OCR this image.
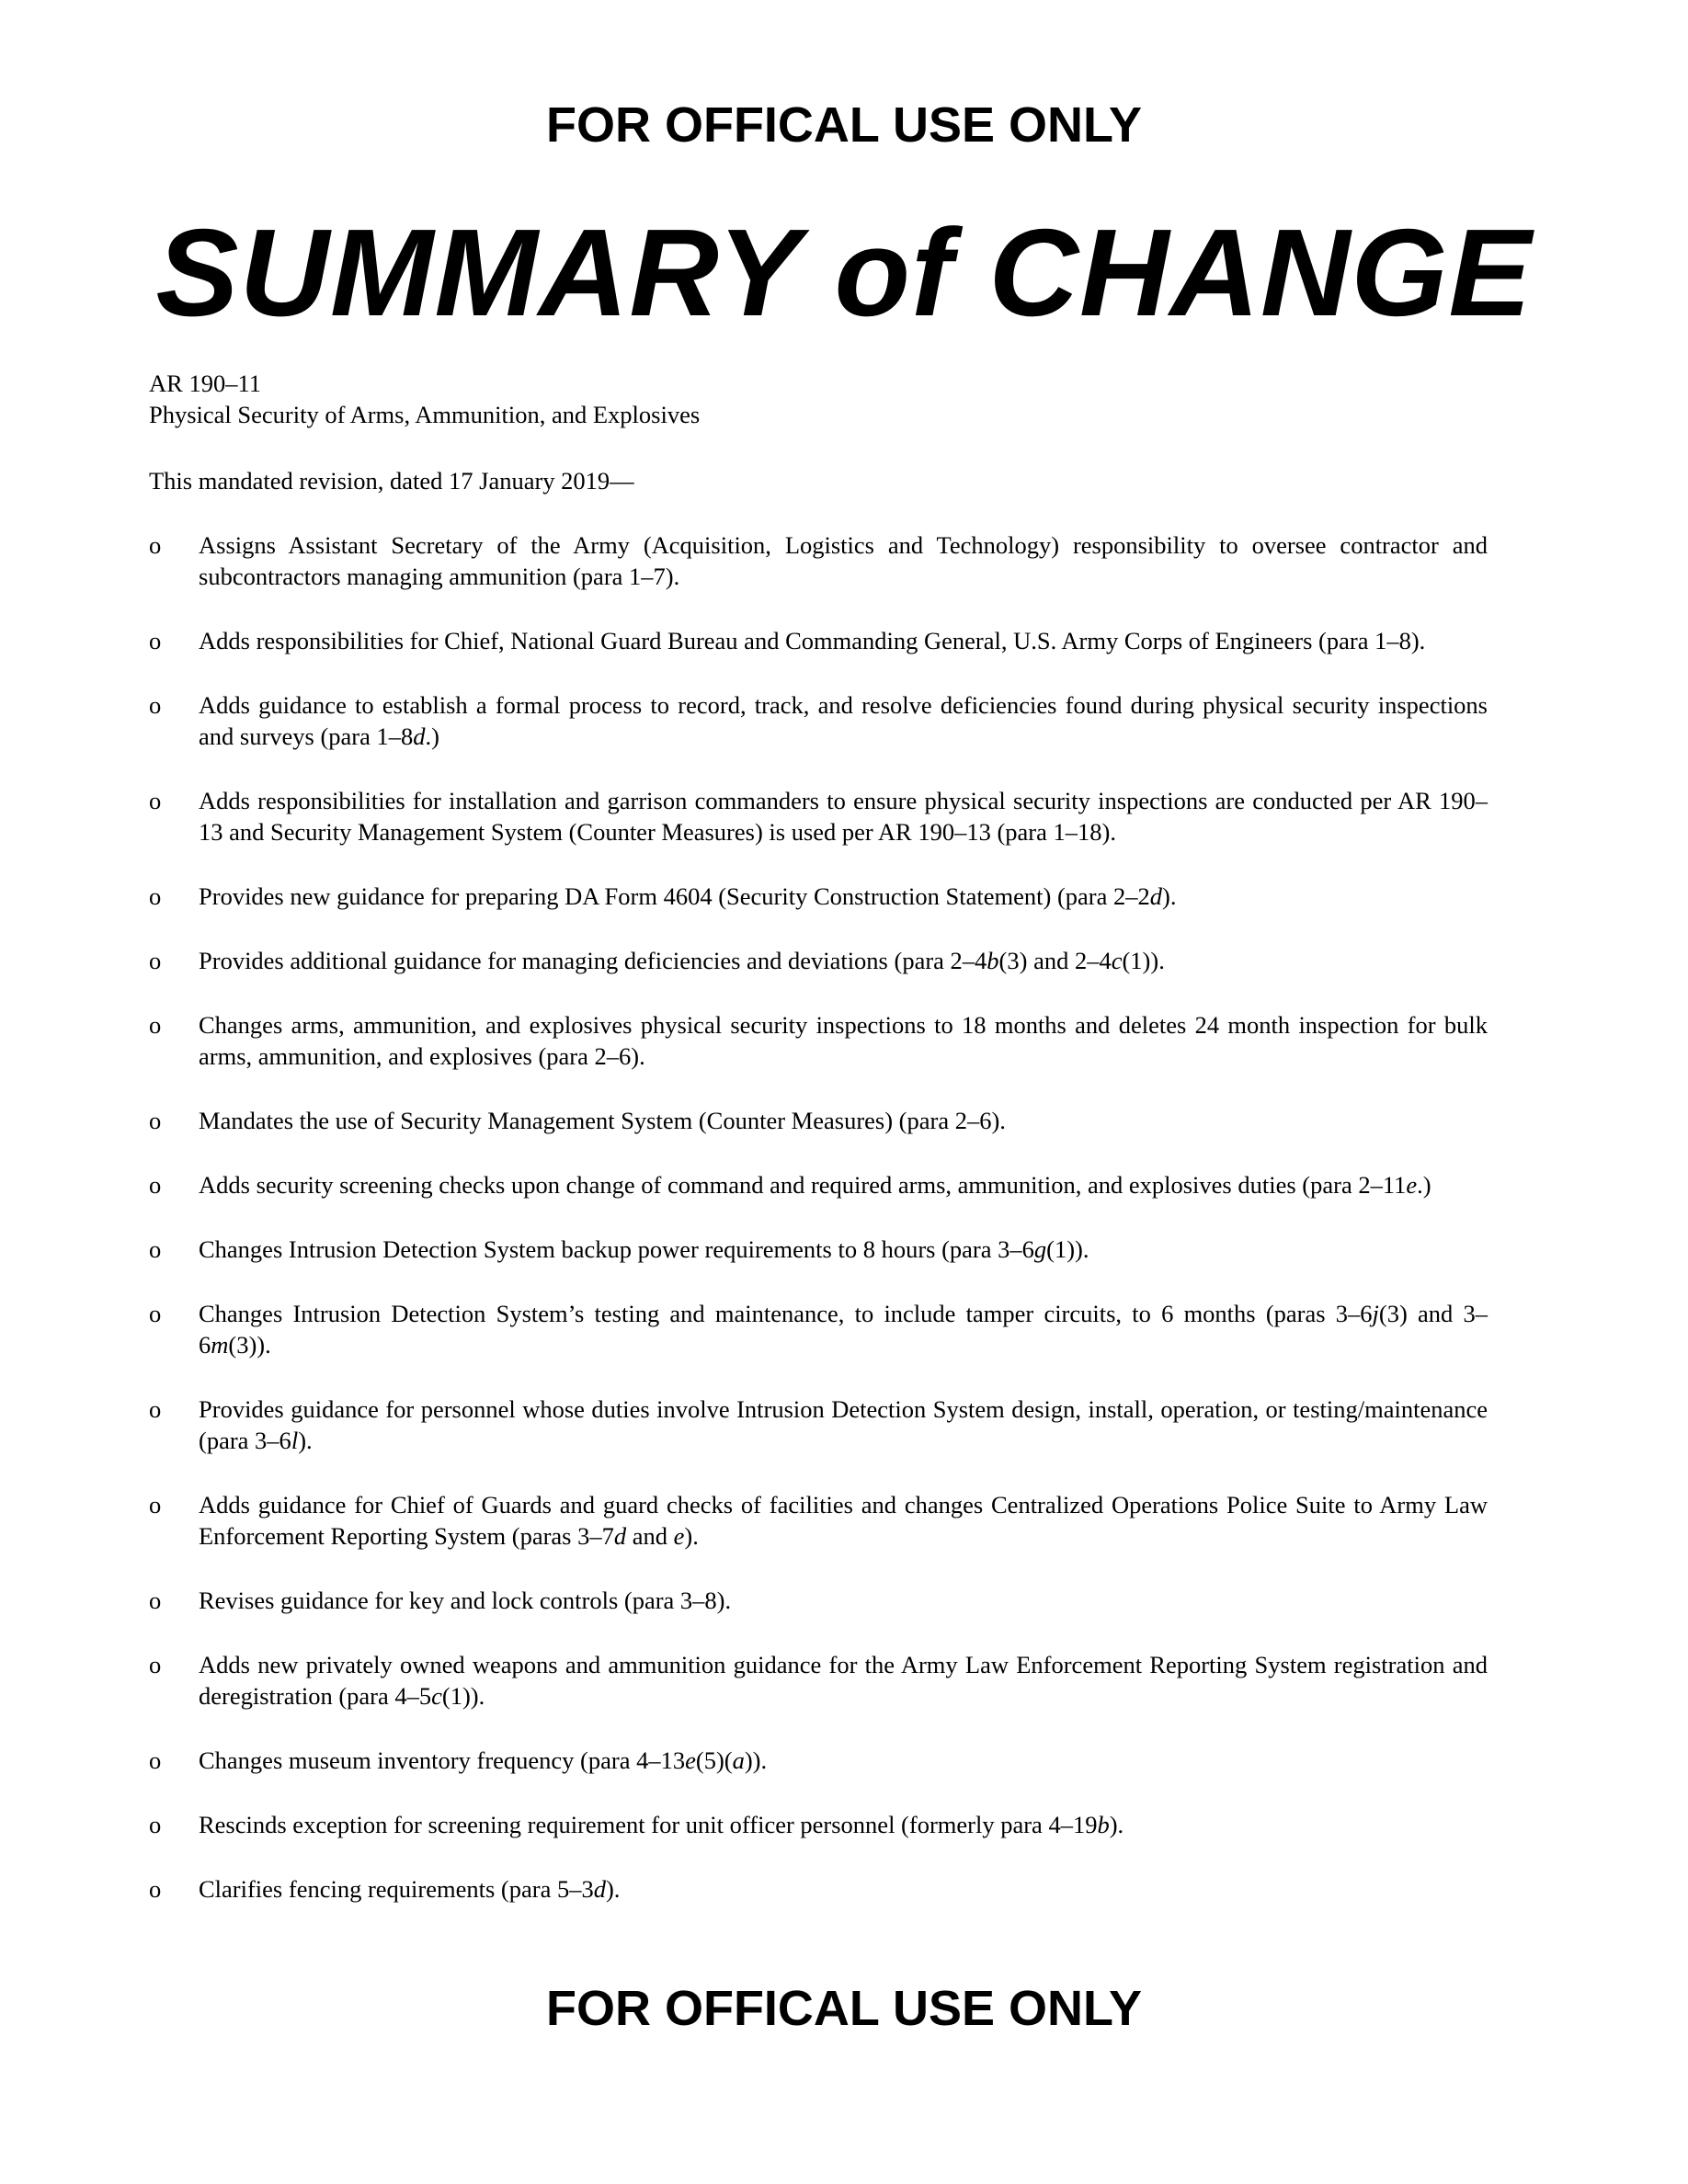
FOR OFFICAL USE ONLY
SUMMARY of CHANGE
AR 190–11
Physical Security of Arms, Ammunition, and Explosives

This mandated revision, dated 17 January 2019—

o Assigns Assistant Secretary of the Army (Acquisition, Logistics and Technology) responsibility to oversee contractor and subcontractors managing ammunition (para 1–7).
o Adds responsibilities for Chief, National Guard Bureau and Commanding General, U.S. Army Corps of Engineers (para 1–8).
o Adds guidance to establish a formal process to record, track, and resolve deficiencies found during physical security inspections and surveys (para 1–8d.)
o Adds responsibilities for installation and garrison commanders to ensure physical security inspections are conducted per AR 190–13 and Security Management System (Counter Measures) is used per AR 190–13 (para 1–18).
o Provides new guidance for preparing DA Form 4604 (Security Construction Statement) (para 2–2d).
o Provides additional guidance for managing deficiencies and deviations (para 2–4b(3) and 2–4c(1)).
o Changes arms, ammunition, and explosives physical security inspections to 18 months and deletes 24 month inspection for bulk arms, ammunition, and explosives (para 2–6).
o Mandates the use of Security Management System (Counter Measures) (para 2–6).
o Adds security screening checks upon change of command and required arms, ammunition, and explosives duties (para 2–11e.)
o Changes Intrusion Detection System backup power requirements to 8 hours (para 3–6g(1)).
o Changes Intrusion Detection System’s testing and maintenance, to include tamper circuits, to 6 months (paras 3–6j(3) and 3–6m(3)).
o Provides guidance for personnel whose duties involve Intrusion Detection System design, install, operation, or testing/maintenance (para 3–6l).
o Adds guidance for Chief of Guards and guard checks of facilities and changes Centralized Operations Police Suite to Army Law Enforcement Reporting System (paras 3–7d and e).
o Revises guidance for key and lock controls (para 3–8).
o Adds new privately owned weapons and ammunition guidance for the Army Law Enforcement Reporting System registration and deregistration (para 4–5c(1)).
o Changes museum inventory frequency (para 4–13e(5)(a)).
o Rescinds exception for screening requirement for unit officer personnel (formerly para 4–19b).
o Clarifies fencing requirements (para 5–3d).
FOR OFFICAL USE ONLY
